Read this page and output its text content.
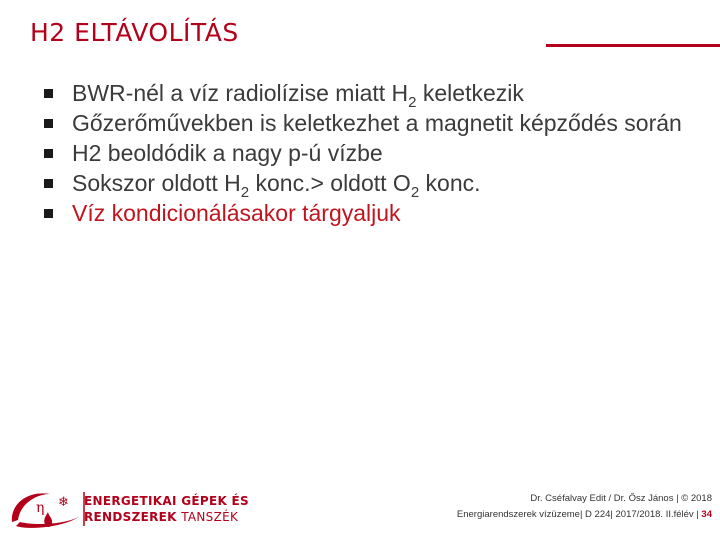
H2 ELTÁVOLÍTÁS
BWR-nél a víz radiolízise miatt $H_2$ keletkezik
Gőzerőművekben is keletkezhet a magnetit képződés során
H2 beoldódik a nagy p-ú vízbe
Sokszor oldott $H_2$ konc.> oldott $O_2$ konc.
Víz kondicionálásakor tárgyaljuk
η ❄ ENERGETIKAI GÉPEK ÉS
RENDSZEREK TANSZÉK
Dr. Cséfalvay Edit / Dr. Ősz János | © 2018
Energiarendszerek vízüzeme| D 224| 2017/2018. II.félév | 34
